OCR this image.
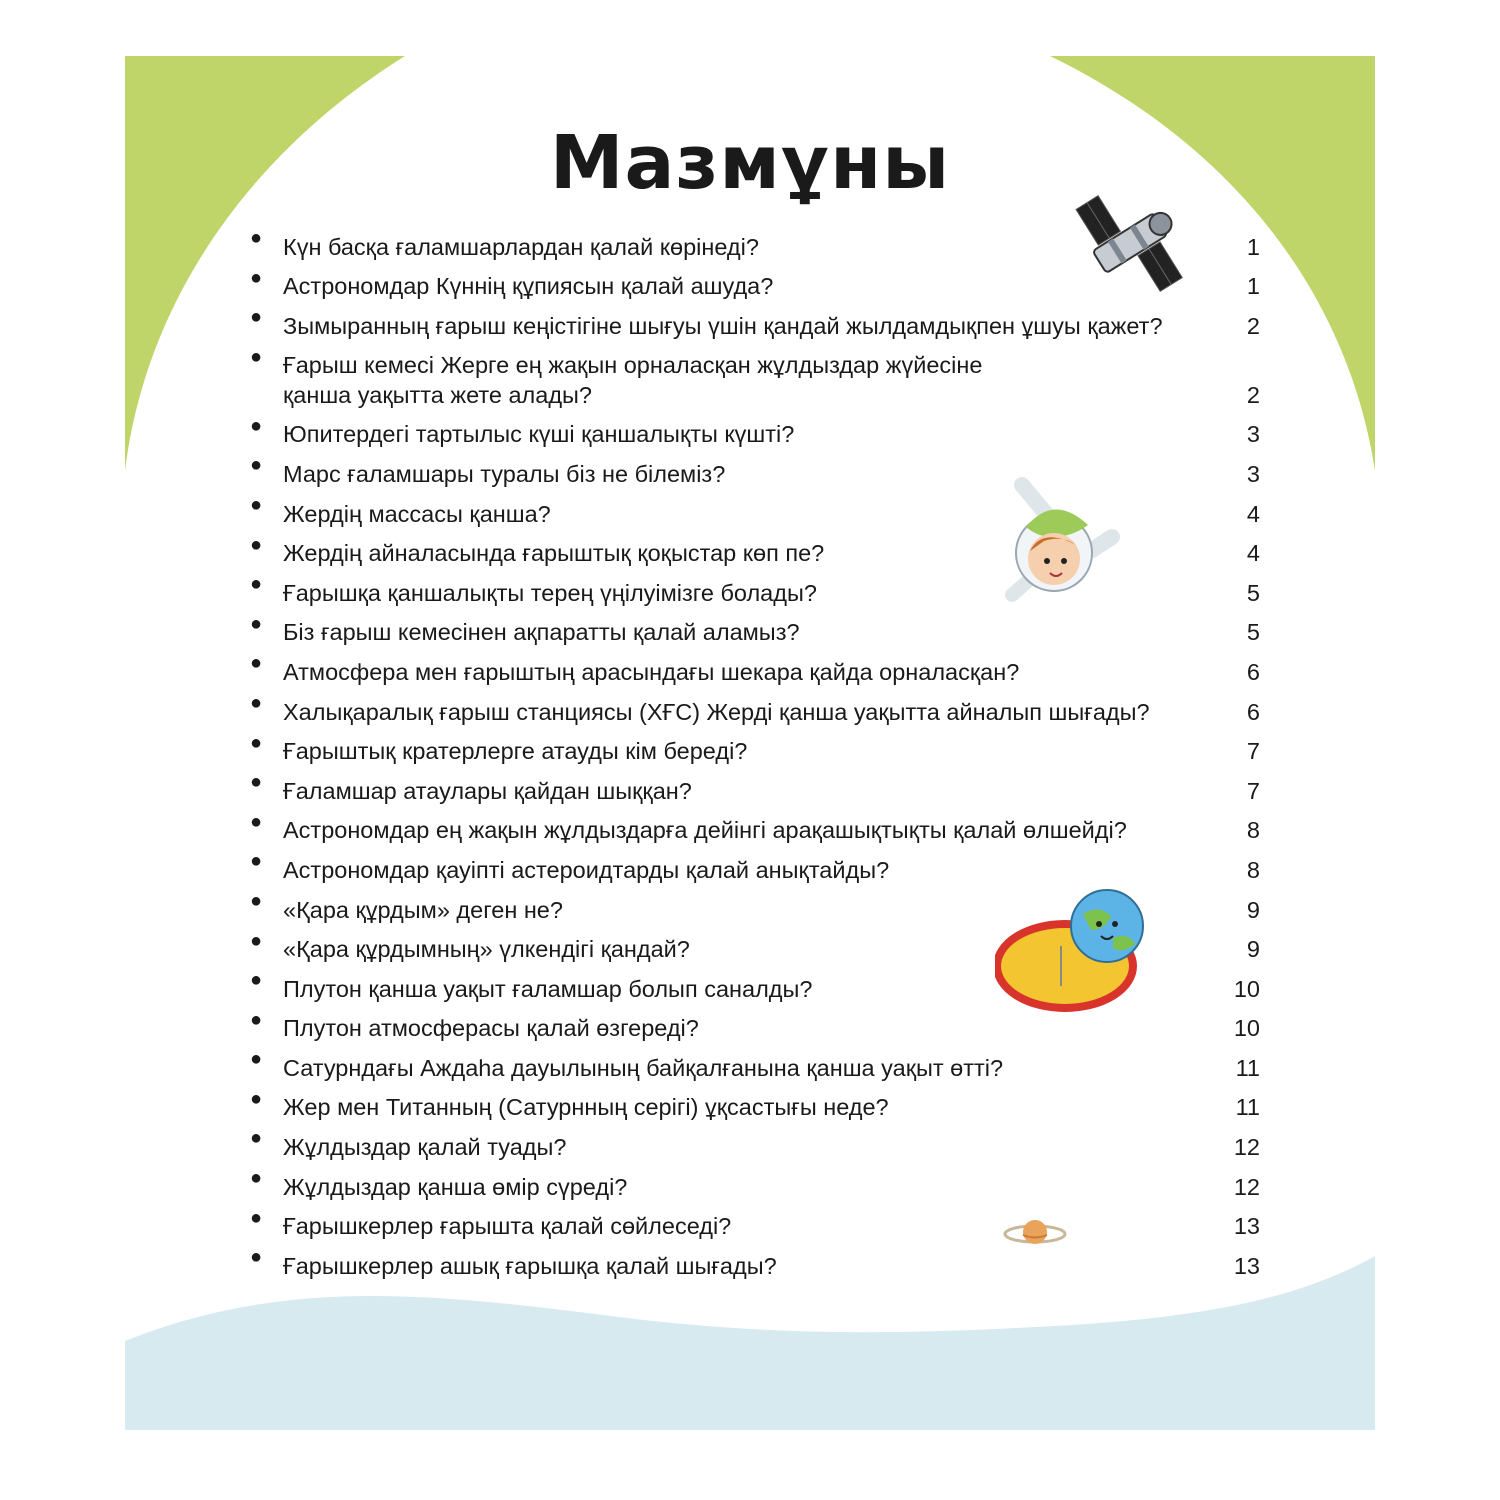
Мазмұны
● Күн басқа ғаламшарлардан қалай көрінеді?	1
● Астрономдар Күннің құпиясын қалай ашуда?	1
● Зымыранның ғарыш кеңістігіне шығуы үшін қандай жылдамдықпен ұшуы қажет?	2
● Ғарыш кемесі Жерге ең жақын орналасқан жұлдыздар жүйесіне қанша уақытта жете алады?	2
● Юпитердегі тартылыс күші қаншалықты күшті?	3
● Марс ғаламшары туралы біз не білеміз?	3
● Жердің массасы қанша?	4
● Жердің айналасында ғарыштық қоқыстар көп пе?	4
● Ғарышқа қаншалықты терең үңілуімізге болады?	5
● Біз ғарыш кемесінен ақпаратты қалай аламыз?	5
● Атмосфера мен ғарыштың арасындағы шекара қайда орналасқан?	6
● Халықаралық ғарыш станциясы (ХҒС) Жерді қанша уақытта айналып шығады?	6
● Ғарыштық кратерлерге атауды кім береді?	7
● Ғаламшар атаулары қайдан шыққан?	7
● Астрономдар ең жақын жұлдыздарға дейінгі арақашықтықты қалай өлшейді?	8
● Астрономдар қауіпті астероидтарды қалай анықтайды?	8
● «Қара құрдым» деген не?	9
● «Қара құрдымның» үлкендігі қандай?	9
● Плутон қанша уақыт ғаламшар болып саналды?	10
● Плутон атмосферасы қалай өзгереді?	10
● Сатурндағы Аждаһа дауылының байқалғанына қанша уақыт өтті?	11
● Жер мен Титанның (Сатурнның серігі) ұқсастығы неде?	11
● Жұлдыздар қалай туады?	12
● Жұлдыздар қанша өмір сүреді?	12
● Ғарышкерлер ғарышта қалай сөйлеседі?	13
● Ғарышкерлер ашық ғарышқа қалай шығады?	13
